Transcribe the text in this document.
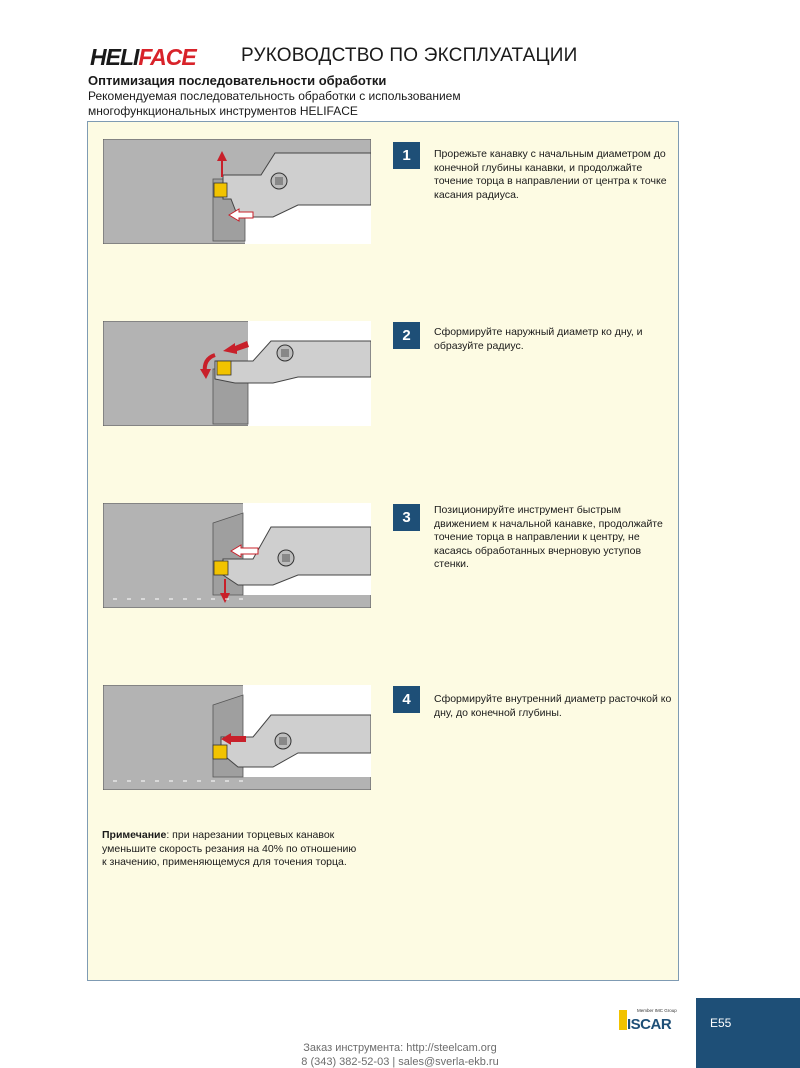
HELIFACE РУКОВОДСТВО ПО ЭКСПЛУАТАЦИИ
Оптимизация последовательности обработки
Рекомендуемая последовательность обработки с использованием многофункциональных инструментов HELIFACE
1	Прорежьте канавку с начальным диаметром до конечной глубины канавки, и продолжайте точение торца в направлении от центра к точке касания радиуса.
2	Сформируйте наружный диаметр ко дну, и образуйте радиус.
3	Позиционируйте инструмент быстрым движением к начальной канавке, продолжайте точение торца в направлении к центру, не касаясь обработанных вчерновую уступов стенки.
4	Сформируйте внутренний диаметр расточкой ко дну, до конечной глубины.
Примечание: при нарезании торцевых канавок уменьшите скорость резания на 40% по отношению к значению, применяющемуся для точения торца.
Member IMC Group
ISCAR	E55
Заказ инструмента: http://steelcam.org
8 (343) 382-52-03 | sales@sverla-ekb.ru
